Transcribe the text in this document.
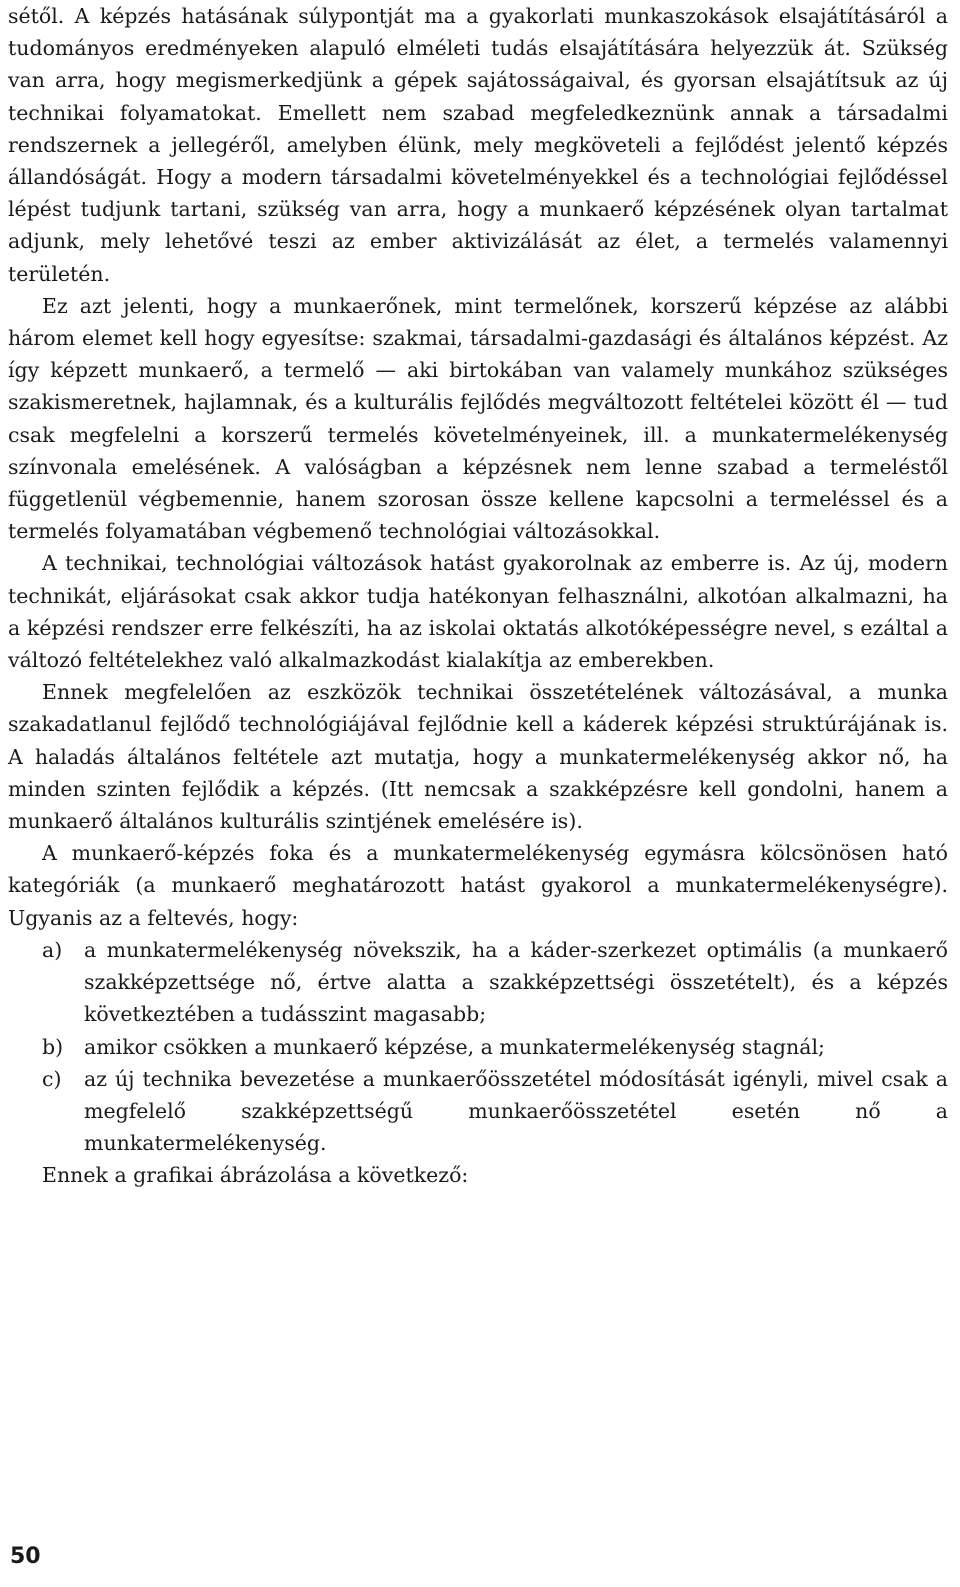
sétől. A képzés hatásának súlypontját ma a gyakorlati munkaszokások elsajátításáról a tudományos eredményeken alapuló elméleti tudás elsajátítására helyezzük át. Szükség van arra, hogy megismerkedjünk a gépek sajátosságaival, és gyorsan elsajátítsuk az új technikai folyamatokat. Emellett nem szabad megfeledkeznünk annak a társadalmi rendszernek a jellegéről, amelyben élünk, mely megköveteli a fejlődést jelentő képzés állandóságát. Hogy a modern társadalmi követelményekkel és a technológiai fejlődéssel lépést tudjunk tartani, szükség van arra, hogy a munkaerő képzésének olyan tartalmat adjunk, mely lehetővé teszi az ember aktivizálását az élet, a termelés valamennyi területén.

Ez azt jelenti, hogy a munkaerőnek, mint termelőnek, korszerű képzése az alábbi három elemet kell hogy egyesítse: szakmai, társadalmi-gazdasági és általános képzést. Az így képzett munkaerő, a termelő — aki birtokában van valamely munkához szükséges szakismeretnek, hajlamnak, és a kulturális fejlődés megváltozott feltételei között él — tud csak megfelelni a korszerű termelés követelményeinek, ill. a munkatermelékenység színvonala emelésének. A valóságban a képzésnek nem lenne szabad a termeléstől függetlenül végbemennie, hanem szorosan össze kellene kapcsolni a termeléssel és a termelés folyamatában végbemenő technológiai változásokkal.

A technikai, technológiai változások hatást gyakorolnak az emberre is. Az új, modern technikát, eljárásokat csak akkor tudja hatékonyan felhasználni, alkotóan alkalmazni, ha a képzési rendszer erre felkészíti, ha az iskolai oktatás alkotóképességre nevel, s ezáltal a változó feltételekhez való alkalmazkodást kialakítja az emberekben.

Ennek megfelelően az eszközök technikai összetételének változásával, a munka szakadatlanul fejlődő technológiájával fejlődnie kell a káderek képzési struktúrájának is. A haladás általános feltétele azt mutatja, hogy a munkatermelékenység akkor nő, ha minden szinten fejlődik a képzés. (Itt nemcsak a szakképzésre kell gondolni, hanem a munkaerő általános kulturális szintjének emelésére is).

A munkaerő-képzés foka és a munkatermelékenység egymásra kölcsönösen ható kategóriák (a munkaerő meghatározott hatást gyakorol a munkatermelékenységre). Ugyanis az a feltevés, hogy:

a)	a munkatermelékenység növekszik, ha a káder-szerkezet optimális (a munkaerő szakképzettsége nő, értve alatta a szakképzettségi összetételt), és a képzés következtében a tudásszint magasabb;
b)	amikor csökken a munkaerő képzése, a munkatermelékenység stagnál;
c)	az új technika bevezetése a munkaerőösszetétel módosítását igényli, mivel csak a megfelelő szakképzettségű munkaerőösszetétel esetén nő a munkatermelékenység.

Ennek a grafikai ábrázolása a következő:

50
